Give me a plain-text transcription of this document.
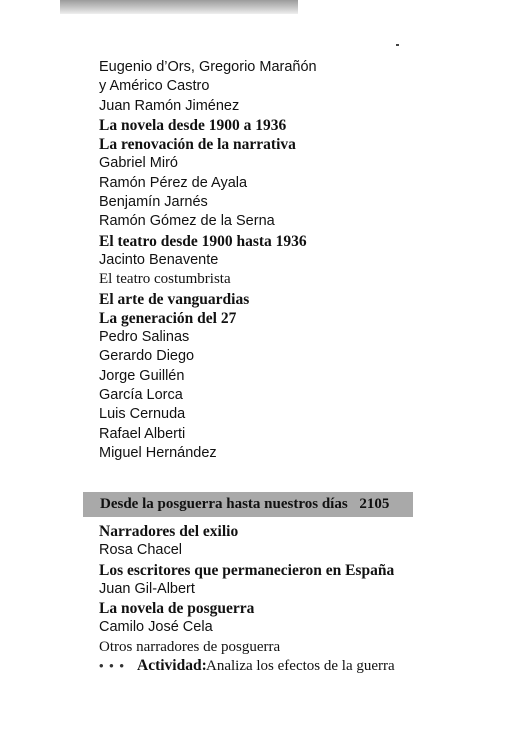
Eugenio d’Ors, Gregorio Marañón
y Américo Castro
Juan Ramón Jiménez
La novela desde 1900 a 1936
La renovación de la narrativa
Gabriel Miró
Ramón Pérez de Ayala
Benjamín Jarnés
Ramón Gómez de la Serna
El teatro desde 1900 hasta 1936
Jacinto Benavente
El teatro costumbrista
El arte de vanguardias
La generación del 27
Pedro Salinas
Gerardo Diego
Jorge Guillén
García Lorca
Luis Cernuda
Rafael Alberti
Miguel Hernández
Desde la posguerra hasta nuestros días 2105
Narradores del exilio
Rosa Chacel
Los escritores que permanecieron en España
Juan Gil-Albert
La novela de posguerra
Camilo José Cela
Otros narradores de posguerra
• • • Actividad: Analiza los efectos de la guerra
